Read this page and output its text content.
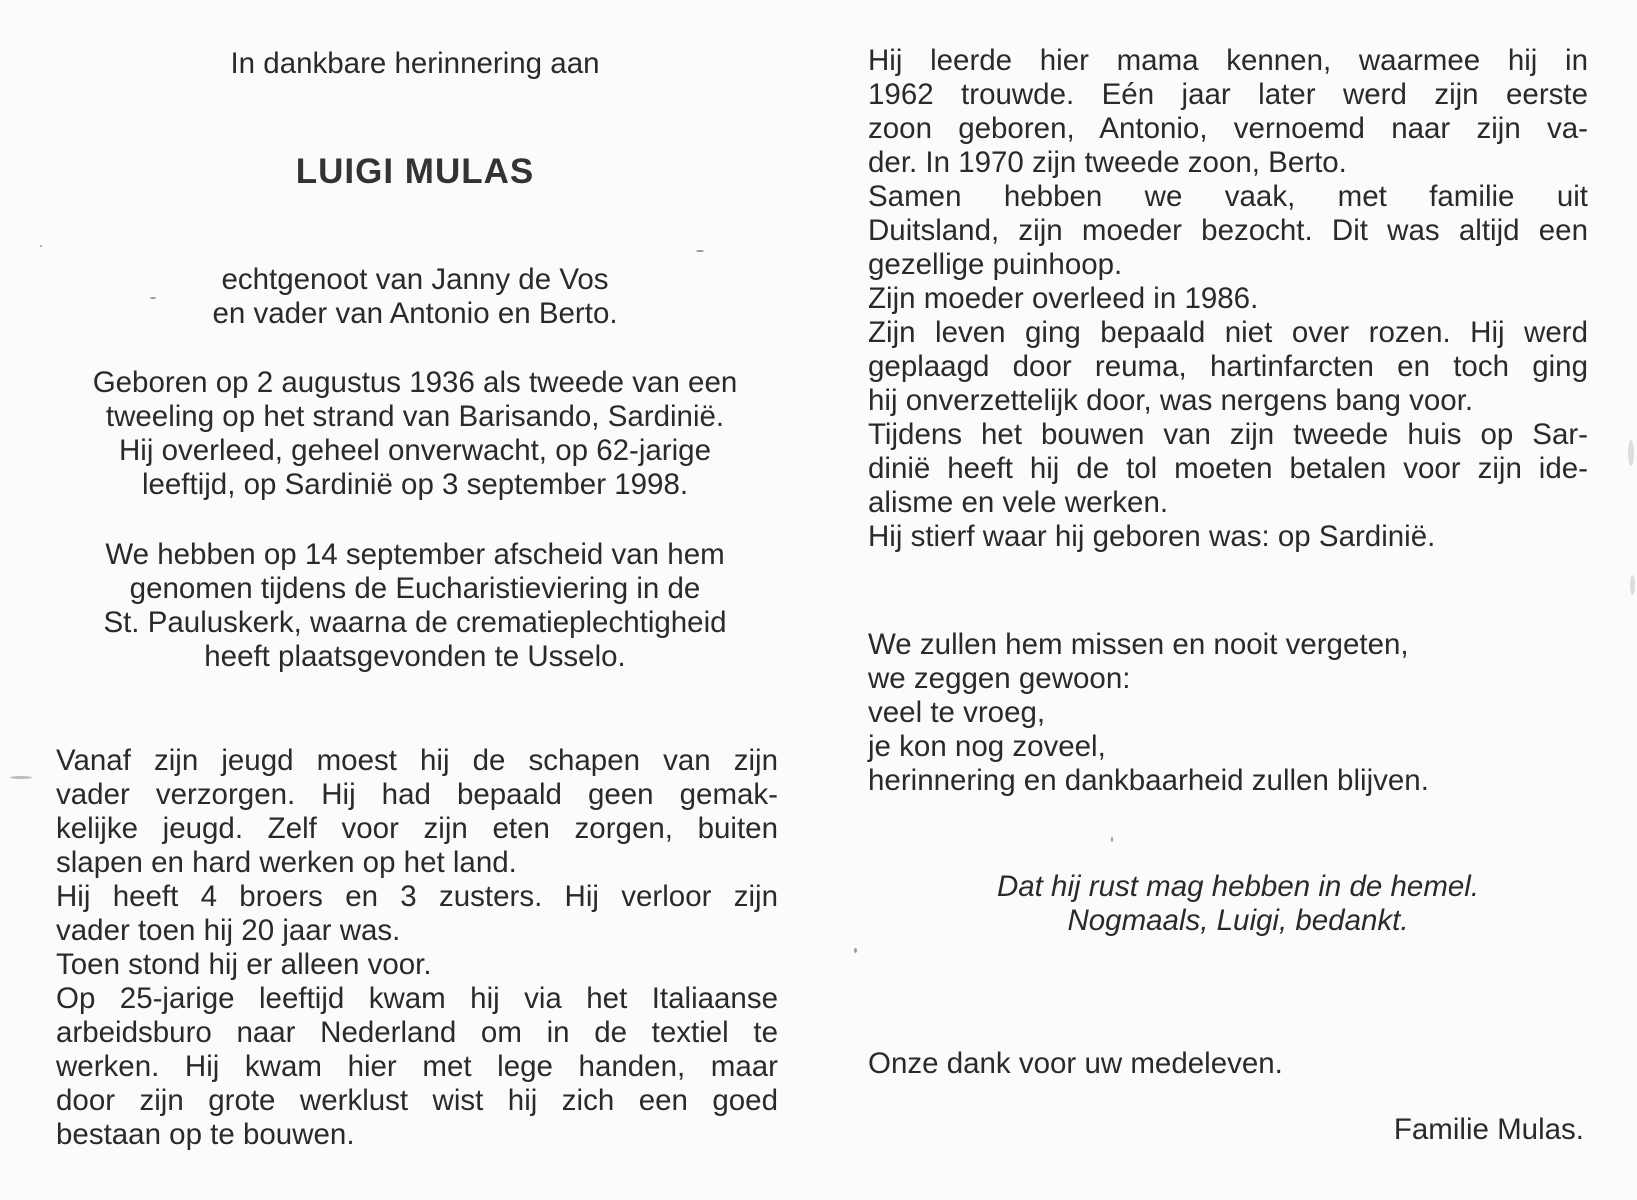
In dankbare herinnering aan
LUIGI MULAS
echtgenoot van Janny de Vos
en vader van Antonio en Berto.
Geboren op 2 augustus 1936 als tweede van een
tweeling op het strand van Barisando, Sardinië.
Hij overleed, geheel onverwacht, op 62-jarige
leeftijd, op Sardinië op 3 september 1998.
We hebben op 14 september afscheid van hem
genomen tijdens de Eucharistieviering in de
St. Pauluskerk, waarna de crematieplechtigheid
heeft plaatsgevonden te Usselo.
Vanaf zijn jeugd moest hij de schapen van zijn
vader verzorgen. Hij had bepaald geen gemak-
kelijke jeugd. Zelf voor zijn eten zorgen, buiten
slapen en hard werken op het land.
Hij heeft 4 broers en 3 zusters. Hij verloor zijn
vader toen hij 20 jaar was.
Toen stond hij er alleen voor.
Op 25-jarige leeftijd kwam hij via het Italiaanse
arbeidsburo naar Nederland om in de textiel te
werken. Hij kwam hier met lege handen, maar
door zijn grote werklust wist hij zich een goed
bestaan op te bouwen.
Hij leerde hier mama kennen, waarmee hij in
1962 trouwde. Eén jaar later werd zijn eerste
zoon geboren, Antonio, vernoemd naar zijn va-
der. In 1970 zijn tweede zoon, Berto.
Samen hebben we vaak, met familie uit
Duitsland, zijn moeder bezocht. Dit was altijd een
gezellige puinhoop.
Zijn moeder overleed in 1986.
Zijn leven ging bepaald niet over rozen. Hij werd
geplaagd door reuma, hartinfarcten en toch ging
hij onverzettelijk door, was nergens bang voor.
Tijdens het bouwen van zijn tweede huis op Sar-
dinië heeft hij de tol moeten betalen voor zijn ide-
alisme en vele werken.
Hij stierf waar hij geboren was: op Sardinië.
We zullen hem missen en nooit vergeten,
we zeggen gewoon:
veel te vroeg,
je kon nog zoveel,
herinnering en dankbaarheid zullen blijven.
Dat hij rust mag hebben in de hemel.
Nogmaals, Luigi, bedankt.
Onze dank voor uw medeleven.
Familie Mulas.
